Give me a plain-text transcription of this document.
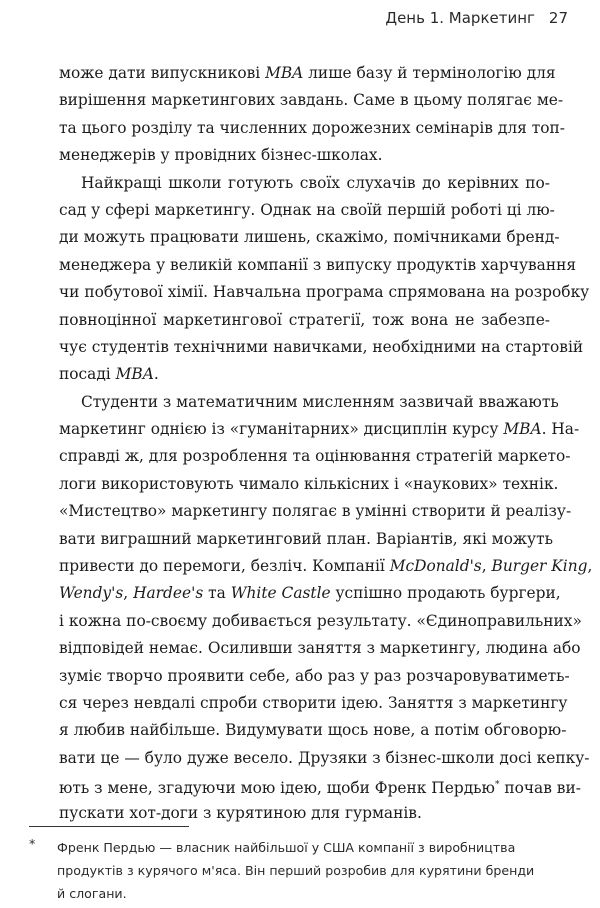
День 1. Маркетинг 27
може дати випускникові MBA лише базу й термінологію для
вирішення маркетингових завдань. Саме в цьому полягає ме-
та цього розділу та численних дорожезних семінарів для топ-
менеджерів у провідних бізнес-школах.
Найкращі школи готують своїх слухачів до керівних по-
сад у сфері маркетингу. Однак на своїй першій роботі ці лю-
ди можуть працювати лишень, скажімо, помічниками бренд-
менеджера у великій компанії з випуску продуктів харчування
чи побутової хімії. Навчальна програма спрямована на розробку
повноцінної маркетингової стратегії, тож вона не забезпе-
чує студентів технічними навичками, необхідними на стартовій
посаді MBA.
Студенти з математичним мисленням зазвичай вважають
маркетинг однією із «гуманітарних» дисциплін курсу MBA. На-
справді ж, для розроблення та оцінювання стратегій маркето-
логи використовують чимало кількісних і «наукових» технік.
«Мистецтво» маркетингу полягає в умінні створити й реалізу-
вати виграшний маркетинговий план. Варіантів, які можуть
привести до перемоги, безліч. Компанії McDonald's, Burger King,
Wendy's, Hardee's та White Castle успішно продають бургери,
і кожна по-своєму добивається результату. «Єдиноправильних»
відповідей немає. Осиливши заняття з маркетингу, людина або
зуміє творчо проявити себе, або раз у раз розчаровуватиметь-
ся через невдалі спроби створити ідею. Заняття з маркетингу
я любив найбільше. Видумувати щось нове, а потім обговорю-
вати це — було дуже весело. Друзяки з бізнес-школи досі кепку-
ють з мене, згадуючи мою ідею, щоби Френк Пердью* почав ви-
пускати хот-доги з курятиною для гурманів.
* Френк Пердью — власник найбільшої у США компанії з виробництва
продуктів з курячого м'яса. Він перший розробив для курятини бренди
й слогани.
